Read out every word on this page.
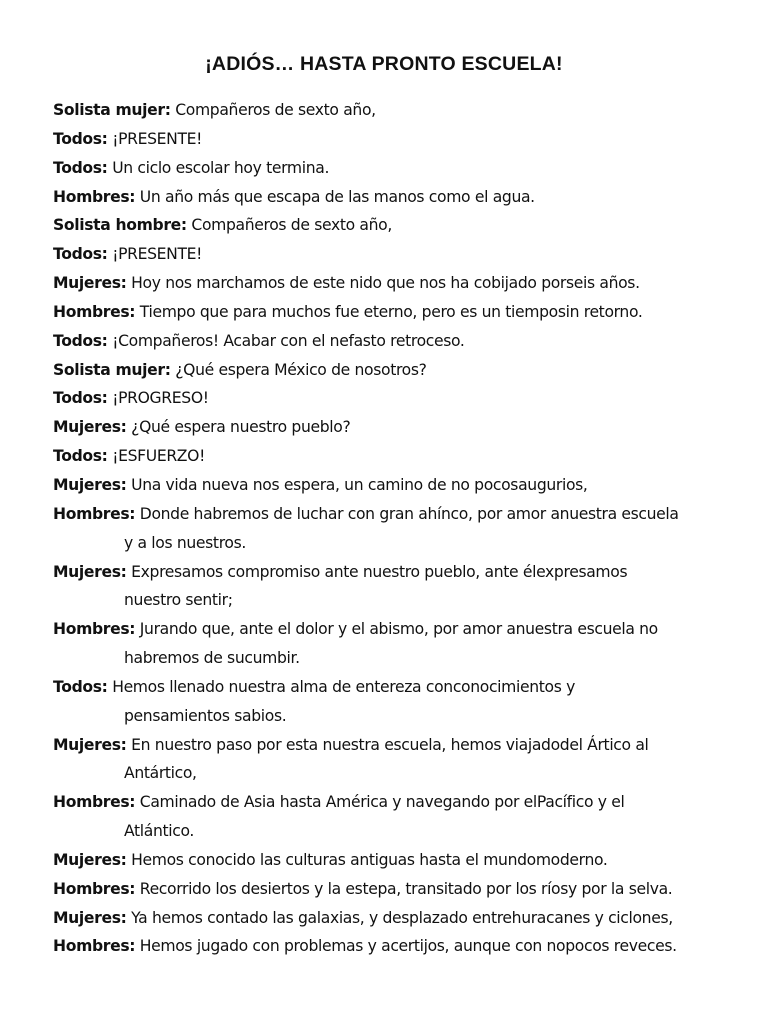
¡ADIÓS… HASTA PRONTO ESCUELA!
Solista mujer: Compañeros de sexto año,
Todos: ¡PRESENTE!
Todos: Un ciclo escolar hoy termina.
Hombres: Un año más que escapa de las manos como el agua.
Solista hombre: Compañeros de sexto año,
Todos: ¡PRESENTE!
Mujeres: Hoy nos marchamos de este nido que nos ha cobijado porseis años.
Hombres: Tiempo que para muchos fue eterno, pero es un tiemposin retorno.
Todos: ¡Compañeros! Acabar con el nefasto retroceso.
Solista mujer: ¿Qué espera México de nosotros?
Todos: ¡PROGRESO!
Mujeres: ¿Qué espera nuestro pueblo?
Todos: ¡ESFUERZO!
Mujeres: Una vida nueva nos espera, un camino de no pocosaugurios,
Hombres: Donde habremos de luchar con gran ahínco, por amor anuestra escuela
y a los nuestros.
Mujeres: Expresamos compromiso ante nuestro pueblo, ante élexpresamos
nuestro sentir;
Hombres: Jurando que, ante el dolor y el abismo, por amor anuestra escuela no
habremos de sucumbir.
Todos: Hemos llenado nuestra alma de entereza conconocimientos y
pensamientos sabios.
Mujeres: En nuestro paso por esta nuestra escuela, hemos viajadodel Ártico al
Antártico,
Hombres: Caminado de Asia hasta América y navegando por elPacífico y el
Atlántico.
Mujeres: Hemos conocido las culturas antiguas hasta el mundomoderno.
Hombres: Recorrido los desiertos y la estepa, transitado por los ríosy por la selva.
Mujeres: Ya hemos contado las galaxias, y desplazado entrehuracanes y ciclones,
Hombres: Hemos jugado con problemas y acertijos, aunque con nopocos reveces.
